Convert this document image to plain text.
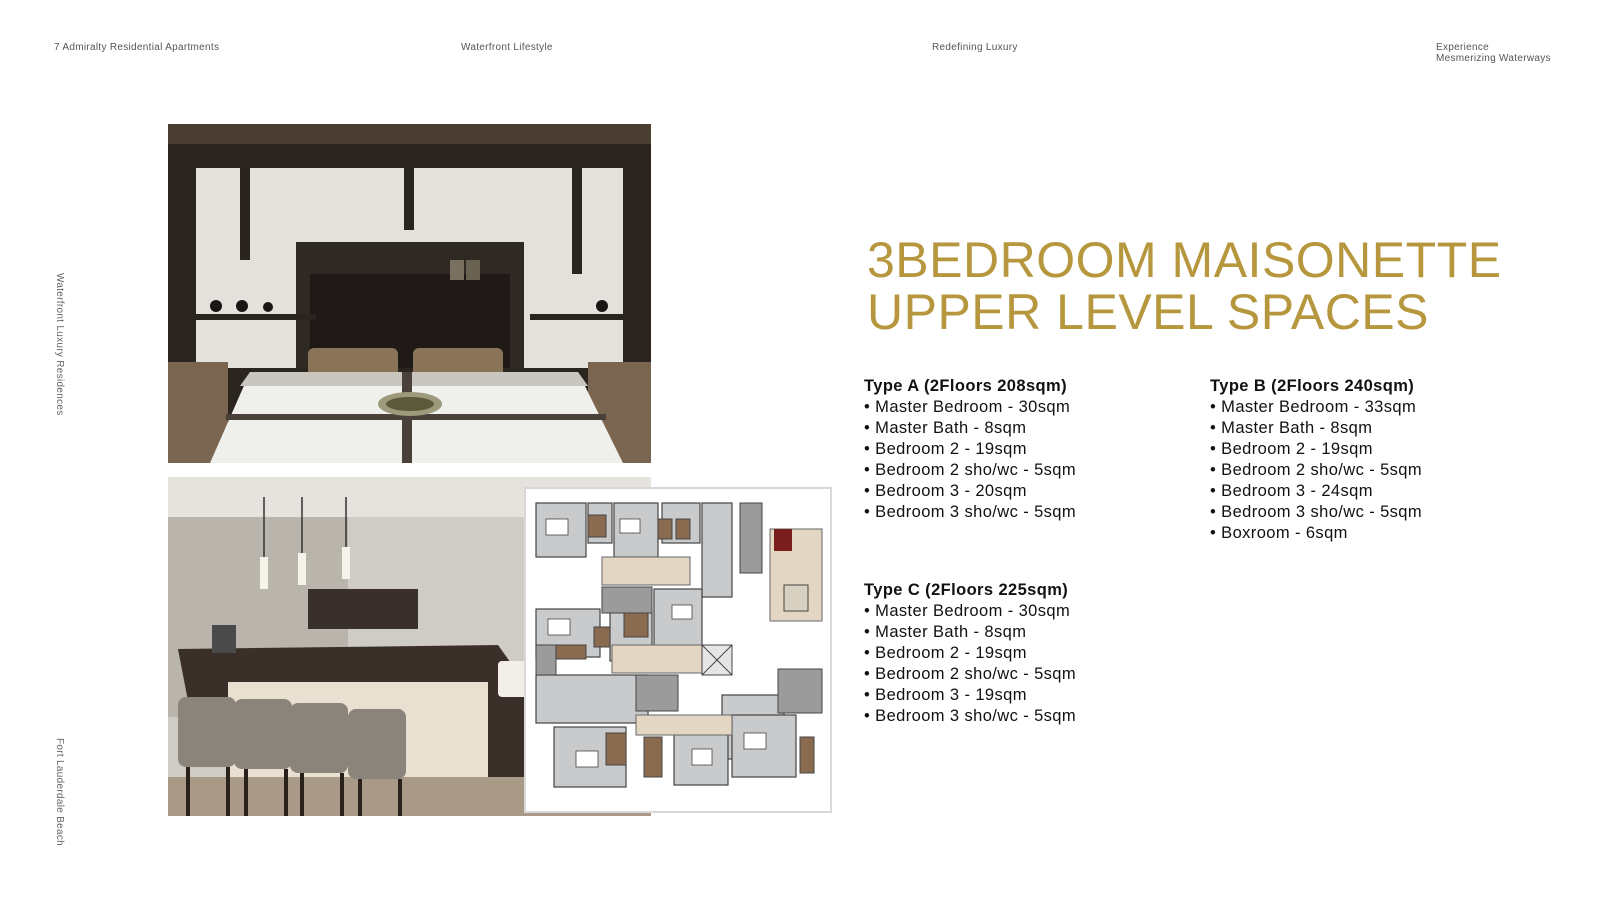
7 Admiralty Residential Apartments	Waterfront Lifestyle	Redefining Luxury	Experience
Mesmerizing Waterways
Waterfront Luxury Residences
Fort Lauderdale Beach
3BEDROOM MAISONETTE
UPPER LEVEL SPACES
Type A (2Floors 208sqm)
• Master Bedroom - 30sqm
• Master Bath - 8sqm
• Bedroom 2 - 19sqm
• Bedroom 2 sho/wc - 5sqm
• Bedroom 3 - 20sqm
• Bedroom 3 sho/wc - 5sqm
Type B (2Floors 240sqm)
• Master Bedroom - 33sqm
• Master Bath - 8sqm
• Bedroom 2 - 19sqm
• Bedroom 2 sho/wc - 5sqm
• Bedroom 3 - 24sqm
• Bedroom 3 sho/wc - 5sqm
• Boxroom - 6sqm
Type C (2Floors 225sqm)
• Master Bedroom - 30sqm
• Master Bath - 8sqm
• Bedroom 2 - 19sqm
• Bedroom 2 sho/wc - 5sqm
• Bedroom 3 - 19sqm
• Bedroom 3 sho/wc - 5sqm
